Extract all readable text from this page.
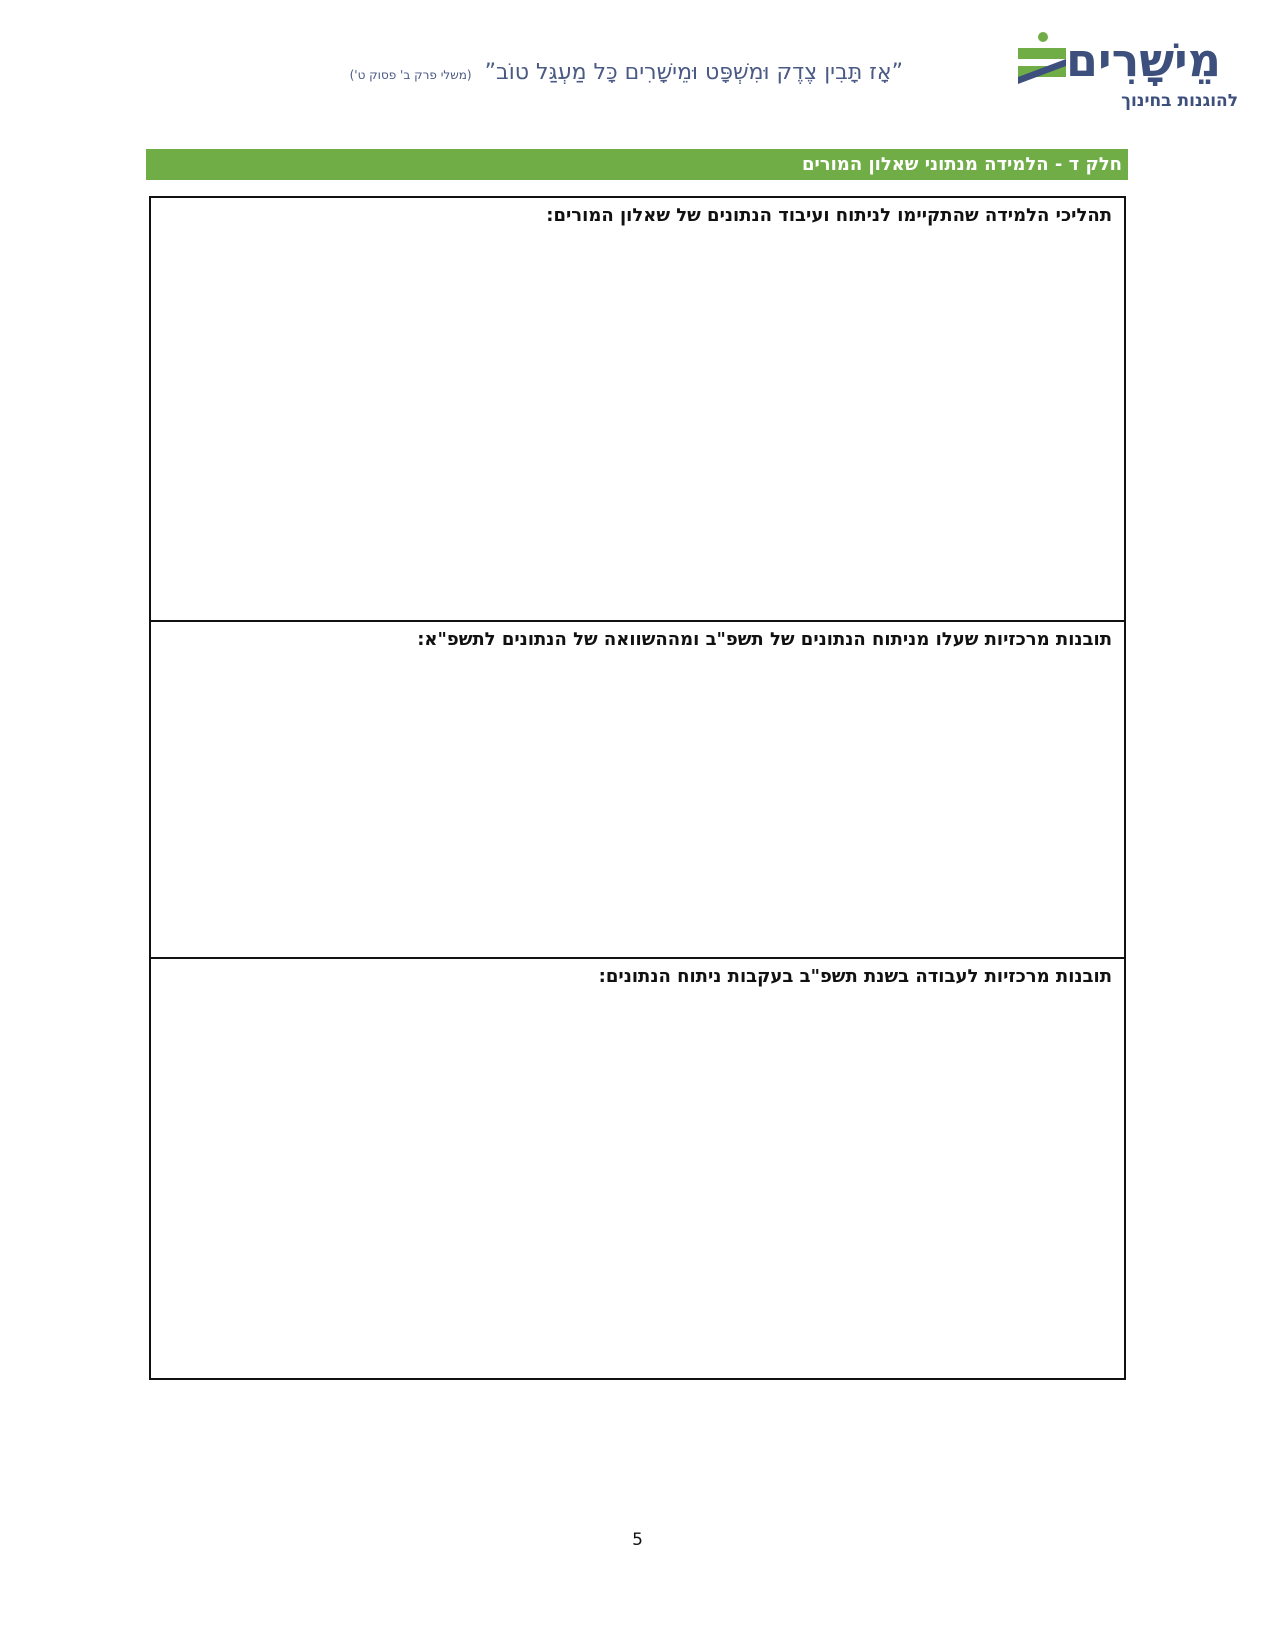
מֵישָׁרִים
להוגנות בחינוך
”אָז תָּבִין צֶדֶק וּמִשְׁפָּט וּמֵישָׁרִים כָּל מַעְגַּל טוֹב” (משלי פרק ב' פסוק ט')
חלק ד - הלמידה מנתוני שאלון המורים
תהליכי הלמידה שהתקיימו לניתוח ועיבוד הנתונים של שאלון המורים:

תובנות מרכזיות שעלו מניתוח הנתונים של תשפ"ב ומההשוואה של הנתונים לתשפ"א:

תובנות מרכזיות לעבודה בשנת תשפ"ב בעקבות ניתוח הנתונים:
5
